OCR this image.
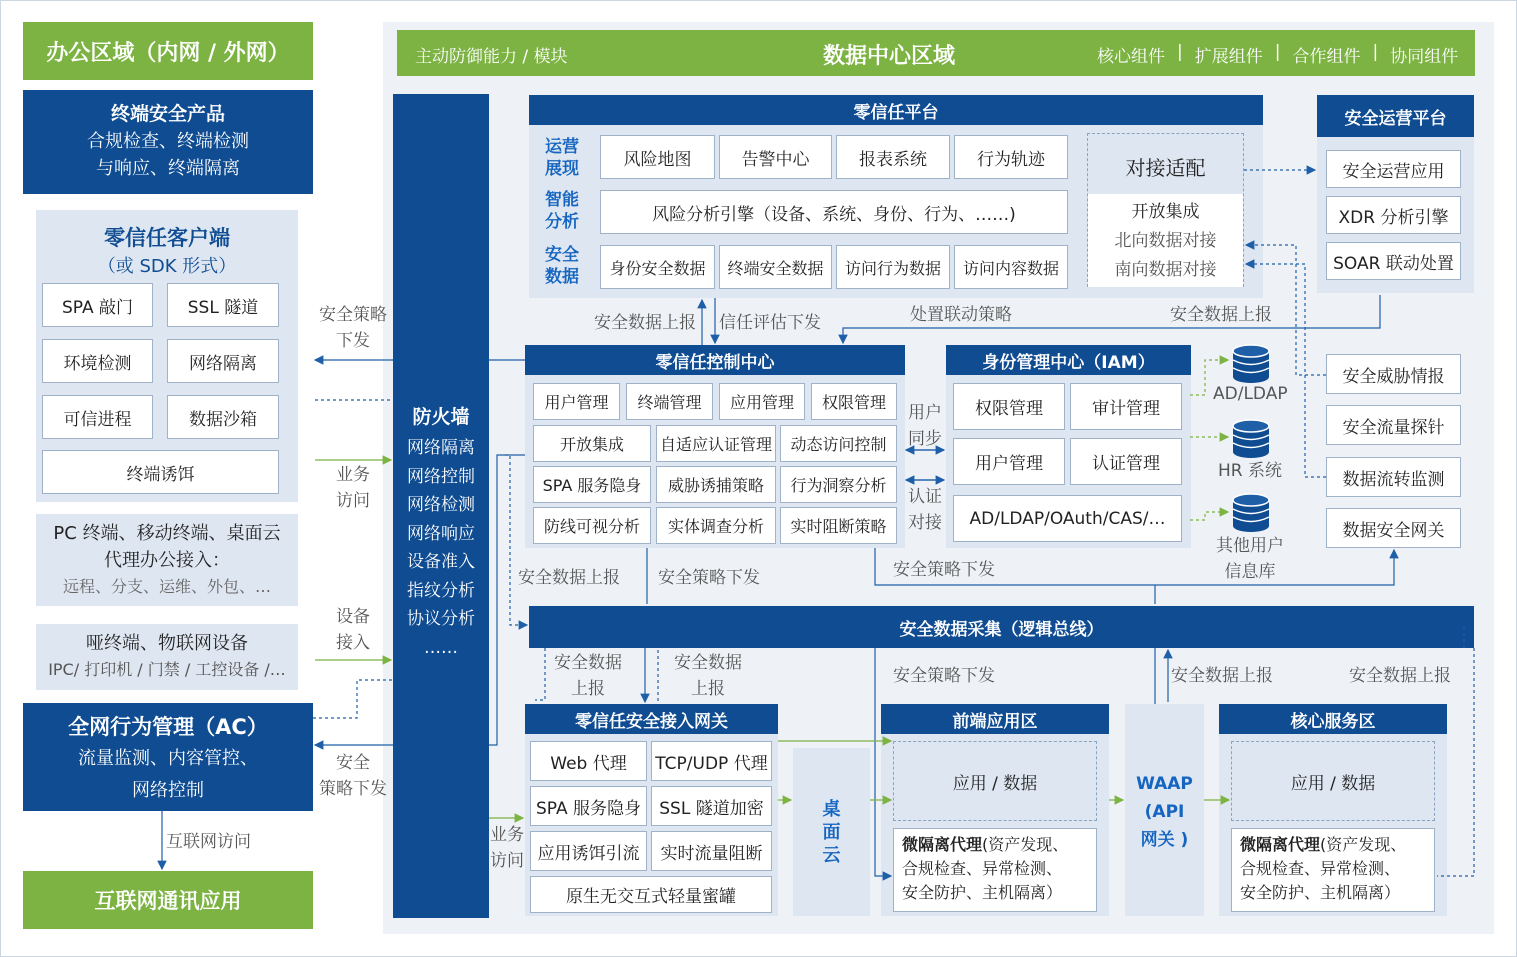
办公区域（内网 / 外网）
终端安全产品
合规检查、终端检测
与响应、终端隔离
零信任客户端
（或 SDK 形式）
SPA 敲门	SSL 隧道
环境检测	网络隔离
可信进程	数据沙箱
终端诱饵
PC 终端、移动终端、桌面云
代理办公接入：
远程、分支、运维、外包、…
哑终端、物联网设备
IPC/ 打印机 / 门禁 / 工控设备 /…
全网行为管理（AC）
流量监测、内容管控、
网络控制
互联网访问
互联网通讯应用
安全策略
下发
业务
访问
设备
接入
安全
策略下发
主动防御能力 / 模块	数据中心区域	核心组件 | 扩展组件 | 合作组件 | 协同组件
防火墙
网络隔离
网络控制
网络检测
网络响应
设备准入
指纹分析
协议分析
……
零信任平台
运营
展现
智能
分析
安全
数据
风险地图	告警中心	报表系统	行为轨迹
风险分析引擎（设备、系统、身份、行为、……)
身份安全数据	终端安全数据	访问行为数据	访问内容数据
对接适配
开放集成
北向数据对接
南向数据对接
安全运营平台
安全运营应用
XDR 分析引擎
SOAR 联动处置
安全威胁情报
安全流量探针
数据流转监测
数据安全网关
零信任控制中心
用户管理	终端管理	应用管理	权限管理
开放集成	自适应认证管理	动态访问控制
SPA 服务隐身	威胁诱捕策略	行为洞察分析
防线可视分析	实体调查分析	实时阻断策略
身份管理中心（IAM）
权限管理	审计管理
用户管理	认证管理
AD/LDAP/OAuth/CAS/…
AD/LDAP
HR 系统
其他用户
信息库
安全数据采集（逻辑总线）
零信任安全接入网关
Web 代理	TCP/UDP 代理
SPA 服务隐身	SSL 隧道加密
应用诱饵引流	实时流量阻断
原生无交互式轻量蜜罐
桌
面
云
前端应用区
应用 / 数据
微隔离代理(资产发现、
合规检查、异常检测、
安全防护、主机隔离）
WAAP
(API
网关 )
核心服务区
应用 / 数据
微隔离代理(资产发现、
合规检查、异常检测、
安全防护、主机隔离）
安全数据上报 信任评估下发	处置联动策略	安全数据上报
用户
同步
认证
对接
安全数据上报 安全策略下发	安全策略下发
安全数据
上报
安全数据
上报
安全策略下发	安全数据上报	安全数据上报
业务
访问
